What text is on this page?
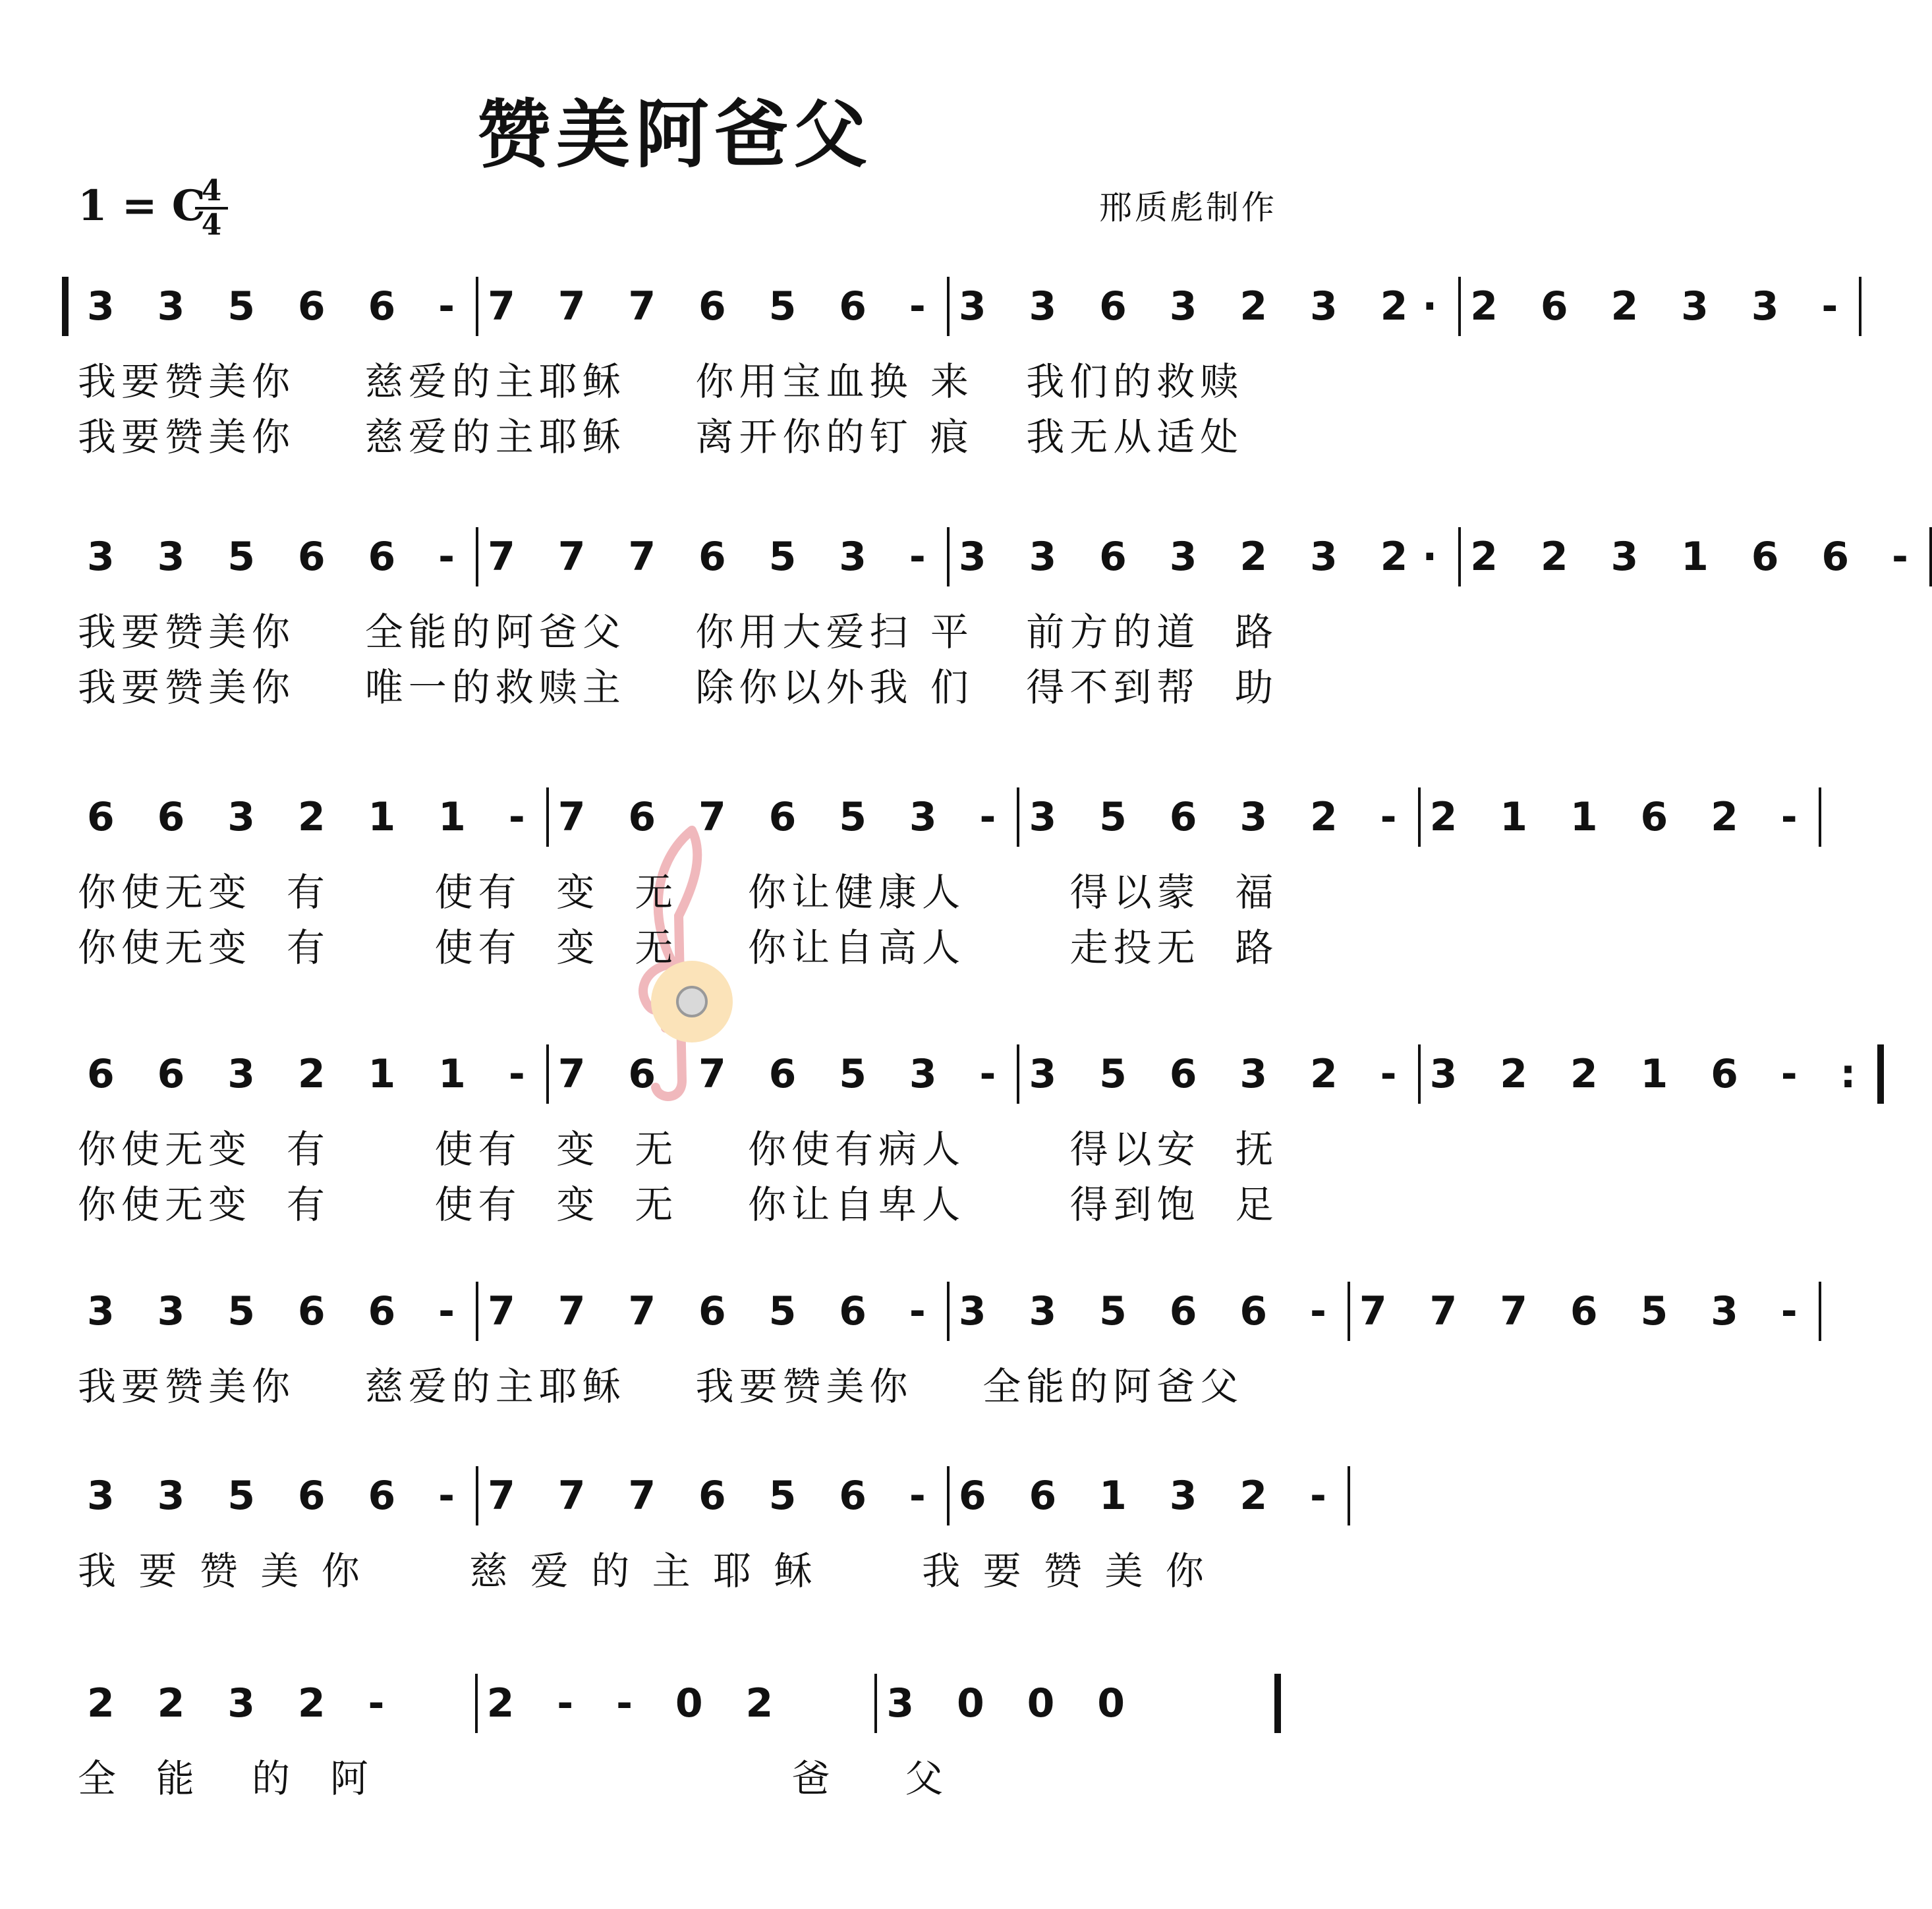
赞美阿爸父
1 = C
4
4	邢质彪制作
3 3 5 6 6 - 7 7 7 6 5 6 - 3 3 6 3 2 3 2· 2 6 2 3 3 -
我要赞美你    慈爱的主耶稣    你用宝血换 来   我们的救赎
我要赞美你    慈爱的主耶稣    离开你的钉 痕   我无从适处
3 3 5 6 6 - 7 7 7 6 5 3 - 3 3 6 3 2 3 2· 2 2 3 1 6 6 -
我要赞美你    全能的阿爸父    你用大爱扫 平   前方的道  路
我要赞美你    唯一的救赎主    除你以外我 们   得不到帮  助
6 6 3 2 1 1 - 7 6 7 6 5 3 - 3 5 6 3 2 - 2 1 1 6 2 -
你使无变  有      使有  变  无    你让健康人      得以蒙  福
你使无变  有      使有  变  无    你让自高人      走投无  路
6 6 3 2 1 1 - 7 6 7 6 5 3 - 3 5 6 3 2 - 3 2 2 1 6 - :
你使无变  有      使有  变  无    你使有病人      得以安  抚
你使无变  有      使有  变  无    你让自卑人      得到饱  足
3 3 5 6 6 - 7 7 7 6 5 6 - 3 3 5 6 6 - 7 7 7 6 5 3 -
我要赞美你    慈爱的主耶稣    我要赞美你    全能的阿爸父
3 3 5 6 6 - 7 7 7 6 5 6 - 6 6 1 3 2 -
我 要 赞 美 你      慈 爱 的 主 耶 稣      我 要 赞 美 你
2 2 3 2 - 2 - - 0 2	3 0 0 0
全  能   的  阿                        爸    父
